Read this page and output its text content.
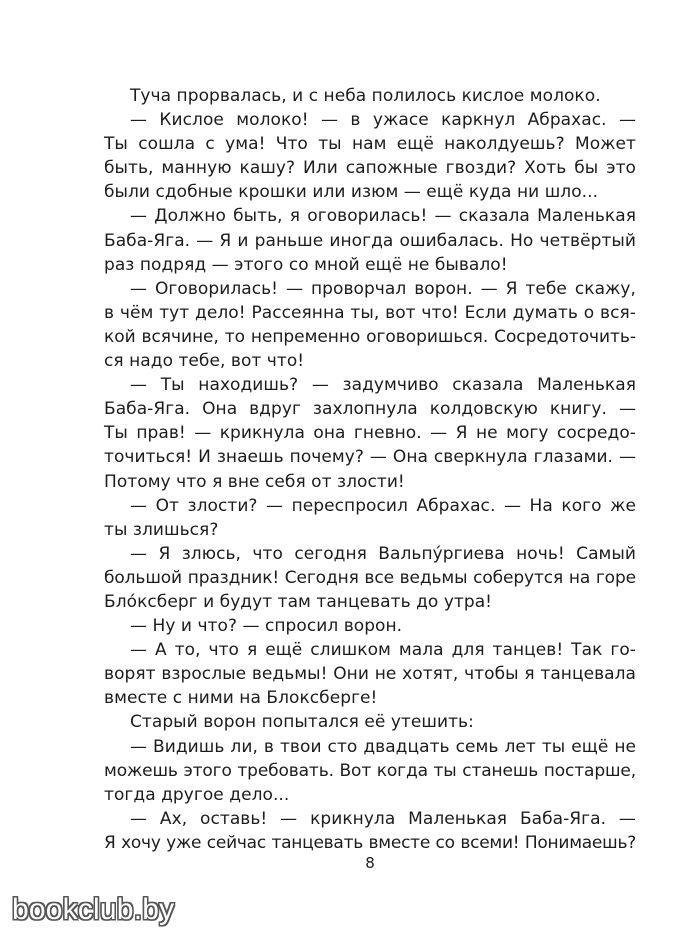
Туча прорвалась, и с неба полилось кислое молоко.
— Кислое молоко! — в ужасе каркнул Абрахас. —
Ты сошла с ума! Что ты нам ещё наколдуешь? Может
быть, манную кашу? Или сапожные гвозди? Хоть бы это
были сдобные крошки или изюм — ещё куда ни шло...
— Должно быть, я оговорилась! — сказала Маленькая
Баба-Яга. — Я и раньше иногда ошибалась. Но четвёртый
раз подряд — этого со мной ещё не бывало!
— Оговорилась! — проворчал ворон. — Я тебе скажу,
в чём тут дело! Рассеянна ты, вот что! Если думать о вся-
кой всячине, то непременно оговоришься. Сосредоточить-
ся надо тебе, вот что!
— Ты находишь? — задумчиво сказала Маленькая
Баба-Яга. Она вдруг захлопнула колдовскую книгу. —
Ты прав! — крикнула она гневно. — Я не могу сосредо-
точиться! И знаешь почему? — Она сверкнула глазами. —
Потому что я вне себя от злости!
— От злости? — переспросил Абрахас. — На кого же
ты злишься?
— Я злюсь, что сегодня Вальпу́ргиева ночь! Самый
большой праздник! Сегодня все ведьмы соберутся на горе
Бло́ксберг и будут там танцевать до утра!
— Ну и что? — спросил ворон.
— А то, что я ещё слишком мала для танцев! Так го-
ворят взрослые ведьмы! Они не хотят, чтобы я танцевала
вместе с ними на Блоксберге!
Старый ворон попытался её утешить:
— Видишь ли, в твои сто двадцать семь лет ты ещё не
можешь этого требовать. Вот когда ты станешь постарше,
тогда другое дело...
— Ах, оставь! — крикнула Маленькая Баба-Яга. —
Я хочу уже сейчас танцевать вместе со всеми! Понимаешь?
8
bookclub.by
